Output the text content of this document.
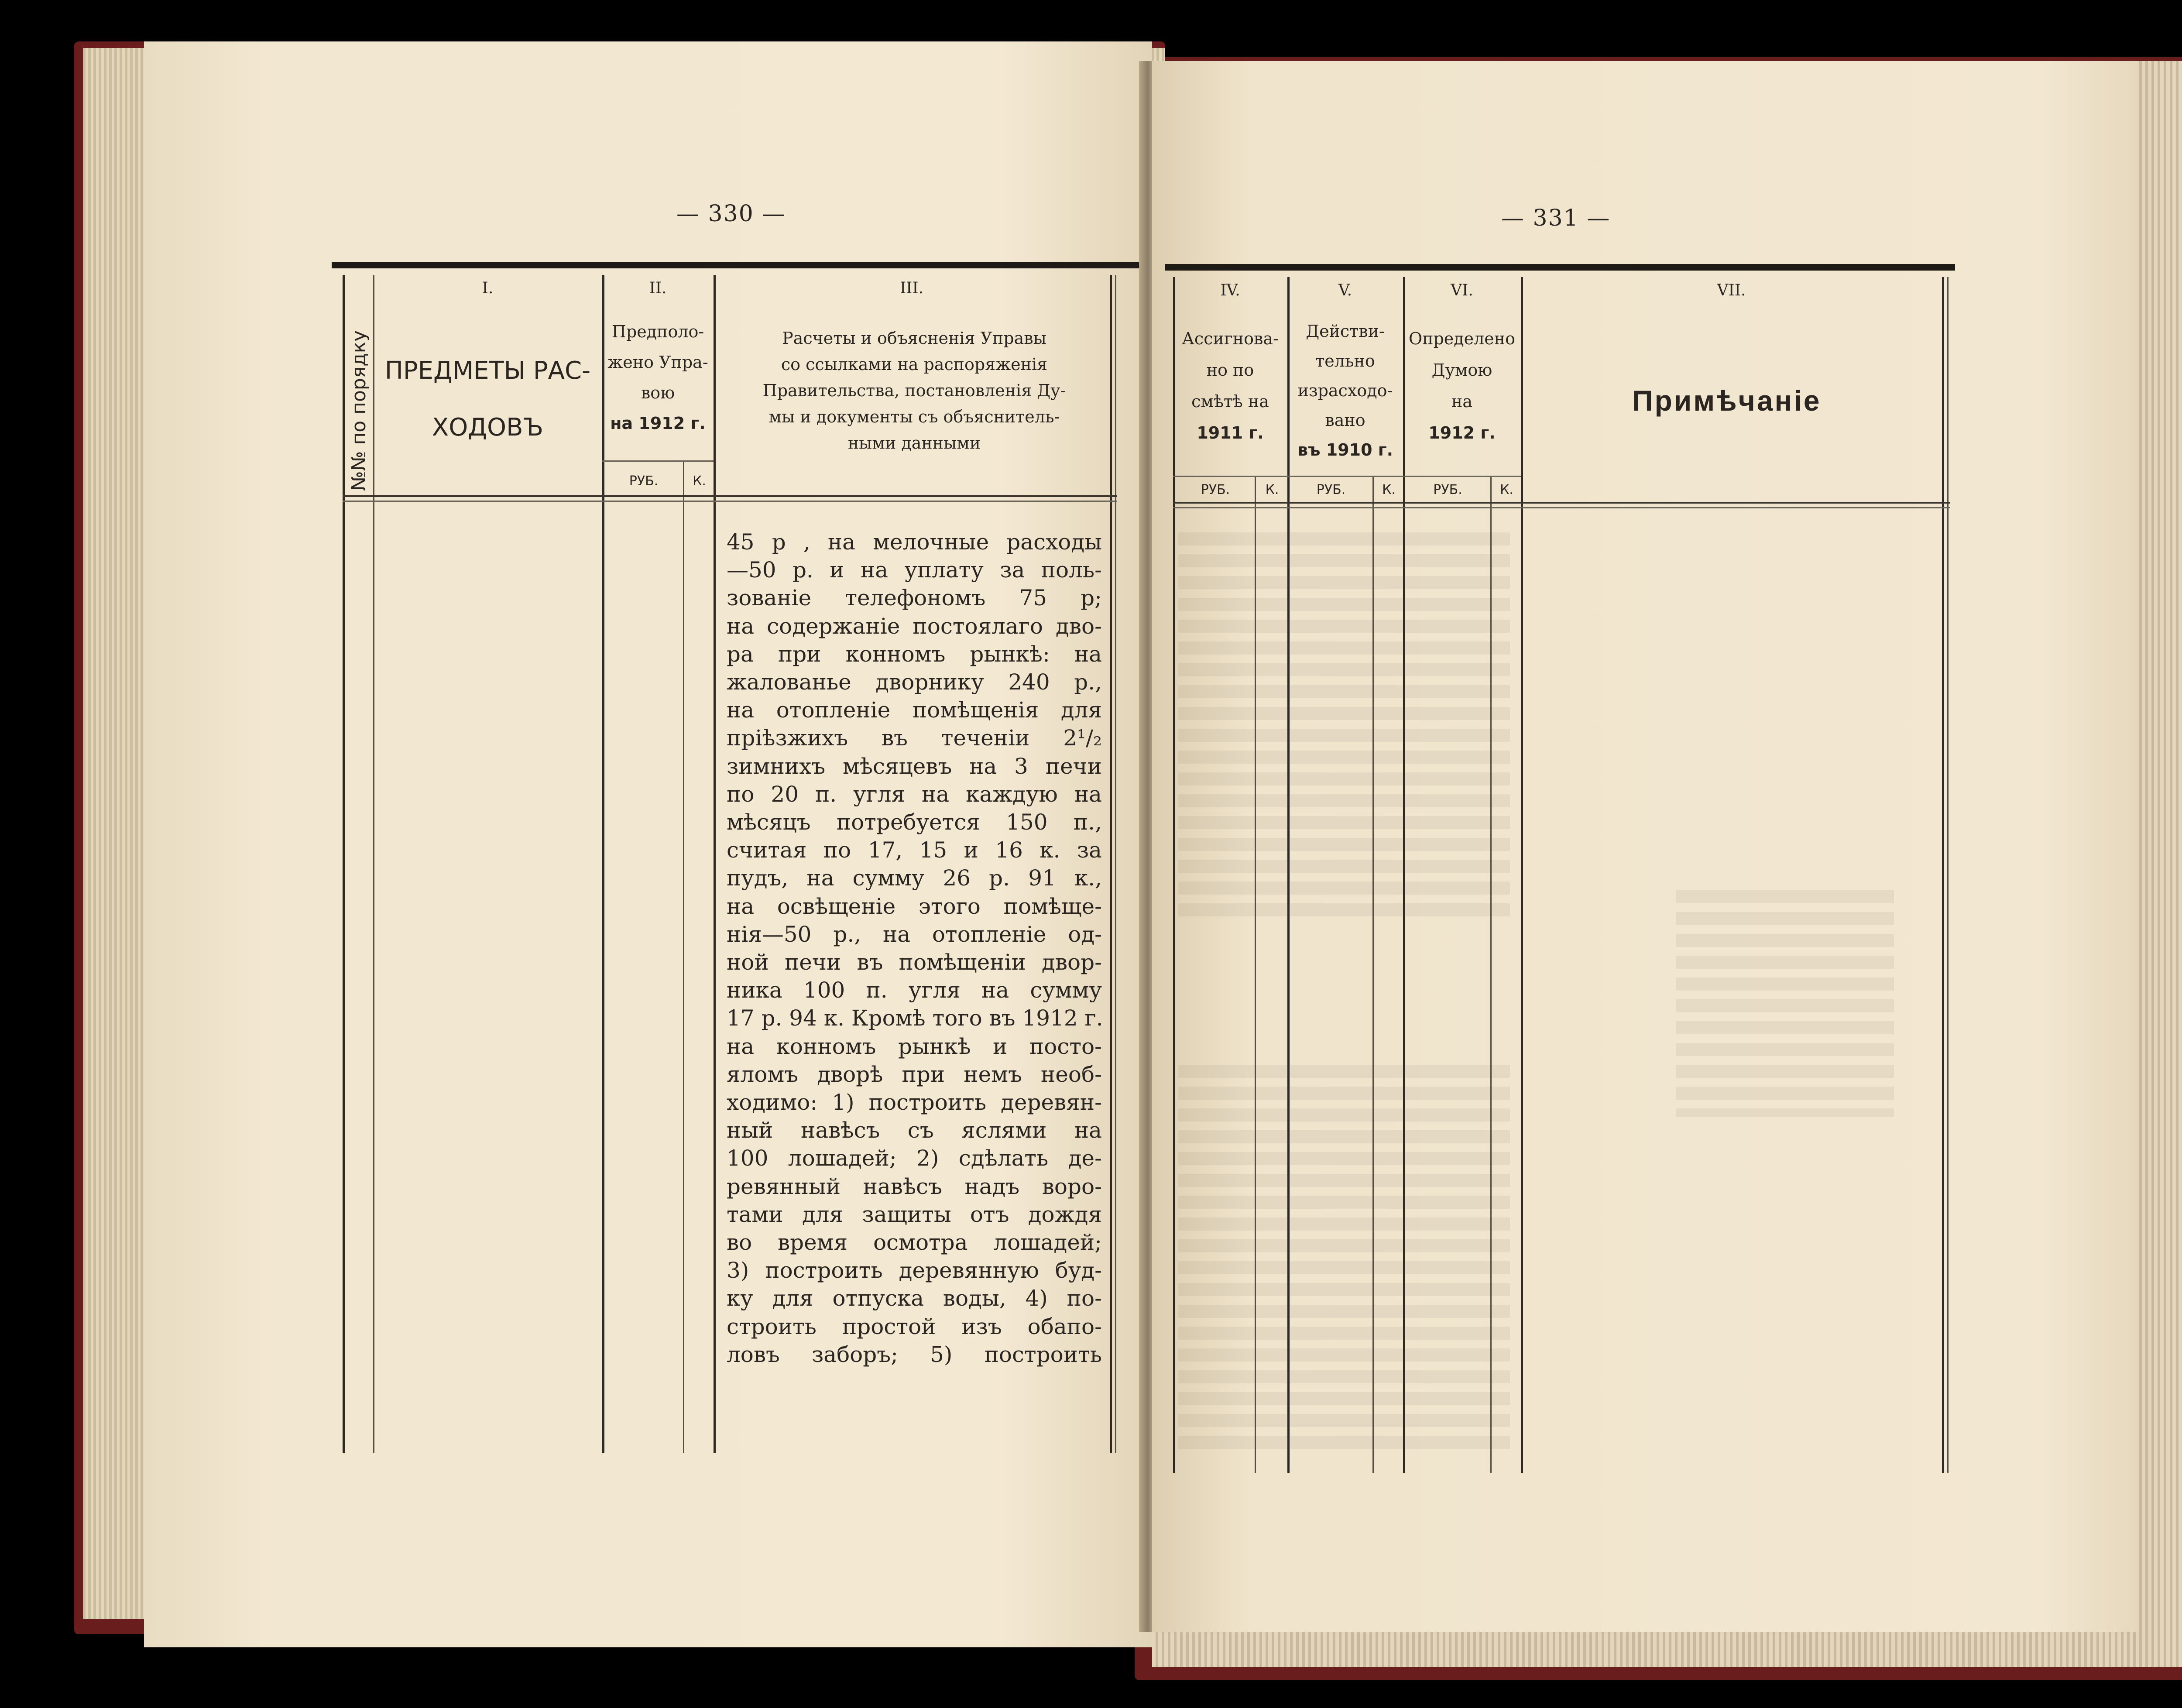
— 330 —
№№ по порядку
I.
ПРЕДМЕТЫ РАС-
ХОДОВЪ
II.
Предполо-
жено Упра-
вою
на 1912 г.
РУБ.	К.
III.
Расчеты и объясненія Управы
со ссылками на распоряженія
Правительства, постановленія Ду-
мы и документы съ объяснитель-
ными данными
45 р , на мелочные расходы
—50 р. и на уплату за поль-
зованіе телефономъ 75 р;
на содержаніе постоялаго дво-
ра при конномъ рынкѣ: на
жалованье дворнику 240 р.,
на отопленіе помѣщенія для
пріѣзжихъ въ теченіи 2¹/₂
зимнихъ мѣсяцевъ на 3 печи
по 20 п. угля на каждую на
мѣсяцъ потребуется 150 п.,
считая по 17, 15 и 16 к. за
пудъ, на сумму 26 р. 91 к.,
на освѣщеніе этого помѣще-
нія—50 р., на отопленіе од-
ной печи въ помѣщеніи двор-
ника 100 п. угля на сумму
17 р. 94 к. Кромѣ того въ 1912 г.
на конномъ рынкѣ и посто-
яломъ дворѣ при немъ необ-
ходимо: 1) построить деревян-
ный навѣсъ съ яслями на
100 лошадей; 2) сдѣлать де-
ревянный навѣсъ надъ воро-
тами для защиты отъ дождя
во время осмотра лошадей;
3) построить деревянную буд-
ку для отпуска воды, 4) по-
строить простой изъ обапо-
ловъ заборъ; 5) построить
— 331 —
IV.
Ассигнова-
но по
смѣтѣ на
1911 г.
РУБ.	К.
V.
Действи-
тельно
израсходо-
вано
въ 1910 г.
РУБ.	К.
VI.
Определено
Думою
на
1912 г.
РУБ.	К.
VII.
Примѣчаніе
